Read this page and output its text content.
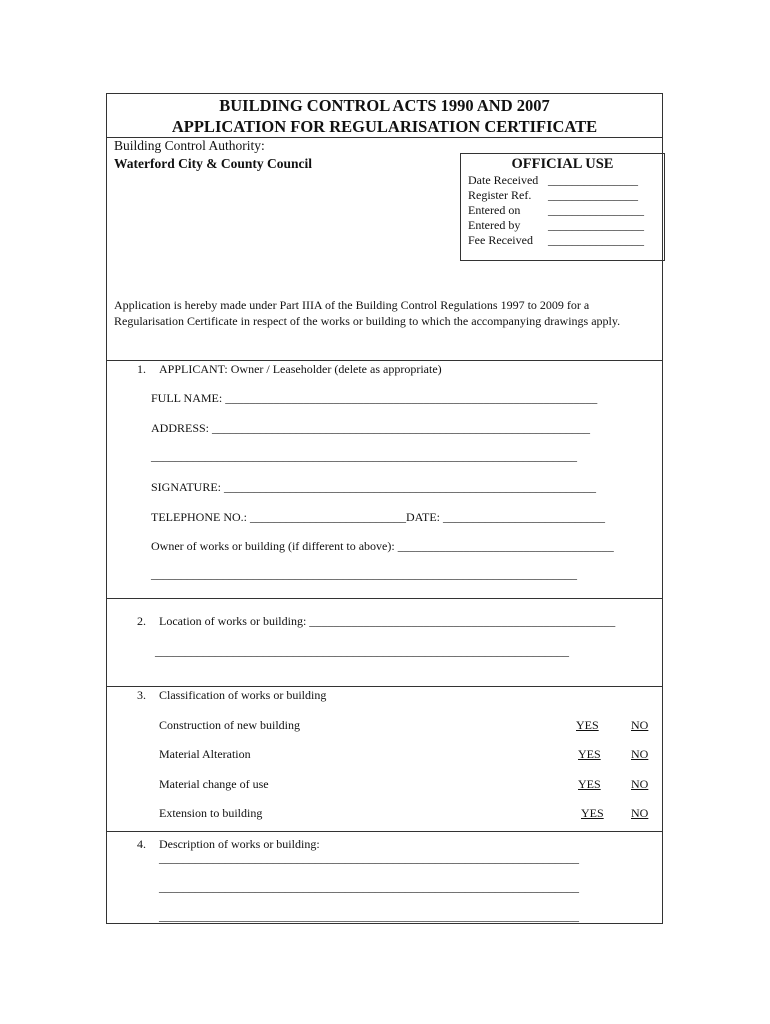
BUILDING CONTROL ACTS 1990 AND 2007
APPLICATION FOR REGULARISATION CERTIFICATE
Building Control Authority:
Waterford City & County Council	OFFICIAL USE
Date Received _______________
Register Ref. _______________
Entered on ________________
Entered by ________________
Fee Received ________________
Application is hereby made under Part IIIA of the Building Control Regulations 1997 to 2009 for a
Regularisation Certificate in respect of the works or building to which the accompanying drawings apply.
1. APPLICANT: Owner / Leaseholder (delete as appropriate)
FULL NAME: ______________________________________________________________
ADDRESS: _______________________________________________________________
_______________________________________________________________________
SIGNATURE: ______________________________________________________________
TELEPHONE NO.: __________________________DATE: ___________________________
Owner of works or building (if different to above): ____________________________________
_______________________________________________________________________
2. Location of works or building: ___________________________________________________
_____________________________________________________________________
3. Classification of works or building
Construction of new building	YES	NO
Material Alteration	YES	NO
Material change of use	YES	NO
Extension to building	YES NO
4. Description of works or building:
______________________________________________________________________
______________________________________________________________________
______________________________________________________________________
